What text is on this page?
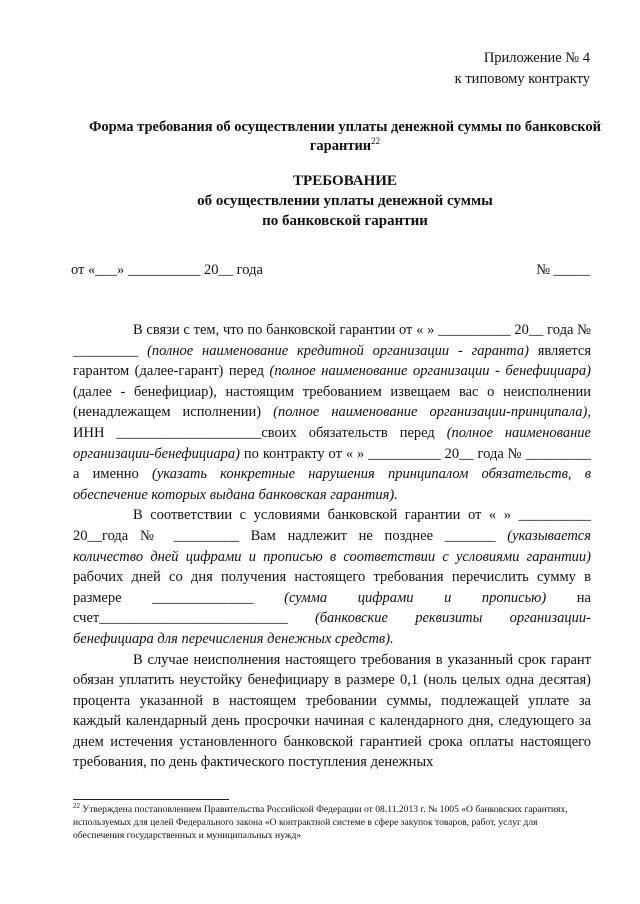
Приложение № 4
к типовому контракту
Форма требования об осуществлении уплаты денежной суммы по банковской гарантии$^{22}$
ТРЕБОВАНИЕ
об осуществлении уплаты денежной суммы
по банковской гарантии
от «___» __________ 20__ года	№ _____

В связи с тем, что по банковской гарантии от « » __________ 20__ года № _________ (полное наименование кредитной организации - гаранта) является гарантом (далее-гарант) перед (полное наименование организации - бенефициара) (далее - бенефициар), настоящим требованием извещаем вас о неисполнении (ненадлежащем исполнении) (полное наименование организации-принципала), ИНН ____________________своих обязательств перед (полное наименование организации-бенефициара) по контракту от « » __________ 20__ года № _________ а именно (указать конкретные нарушения принципалом обязательств, в обеспечение которых выдана банковская гарантия).

В соответствии с условиями банковской гарантии от « » __________ 20__года № _________ Вам надлежит не позднее _______ (указывается количество дней цифрами и прописью в соответствии с условиями гарантии) рабочих дней со дня получения настоящего требования перечислить сумму в размере ______________ (сумма цифрами и прописью) на счет__________________________ (банковские реквизиты организации-бенефициара для перечисления денежных средств).

В случае неисполнения настоящего требования в указанный срок гарант обязан уплатить неустойку бенефициару в размере 0,1 (ноль целых одна десятая) процента указанной в настоящем требовании суммы, подлежащей уплате за каждый календарный день просрочки начиная с календарного дня, следующего за днем истечения установленного банковской гарантией срока оплаты настоящего требования, по день фактического поступления денежных

$^{22}$ Утверждена постановлением Правительства Российской Федерации от 08.11.2013 г. № 1005 «О банковских гарантиях, используемых для целей Федерального закона «О контрактной системе в сфере закупок товаров, работ, услуг для обеспечения государственных и муниципальных нужд»
